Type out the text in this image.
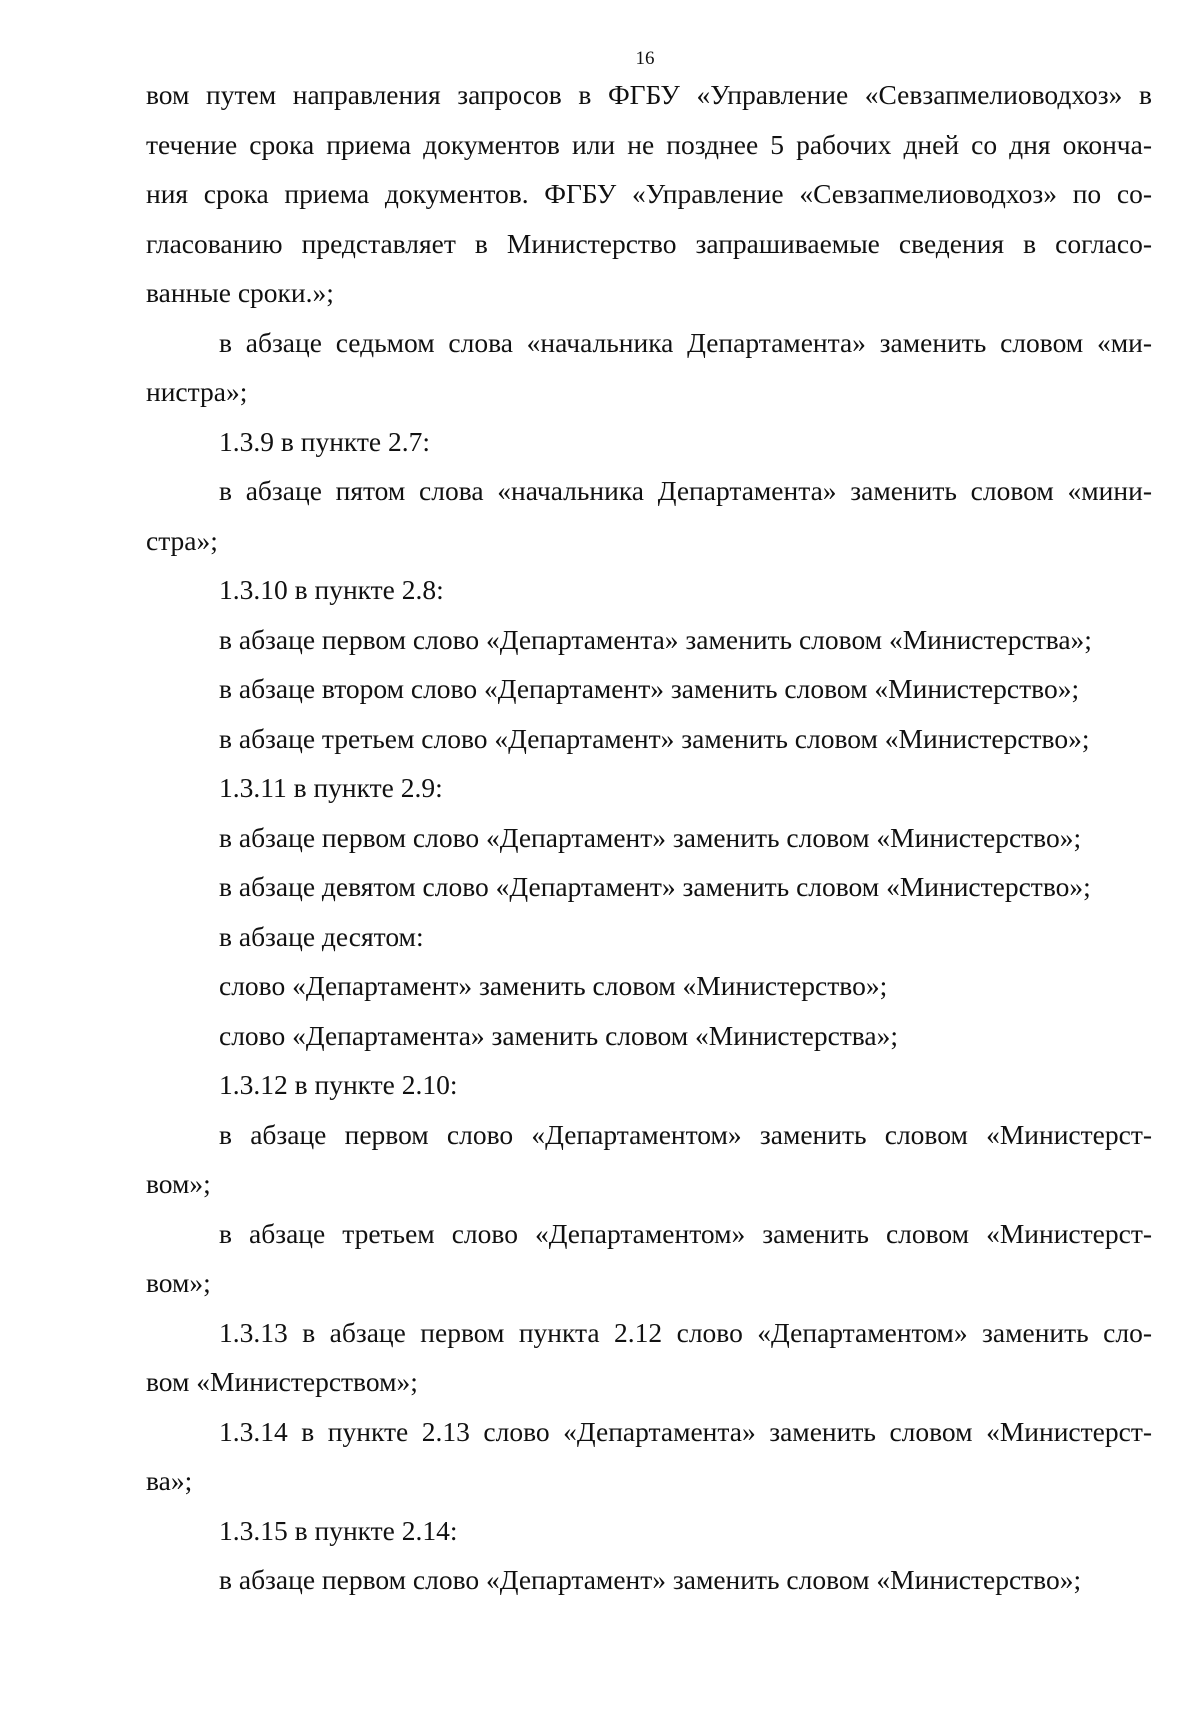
16
вом путем направления запросов в ФГБУ «Управление «Севзапмелиоводхоз» в
течение срока приема документов или не позднее 5 рабочих дней со дня оконча-
ния срока приема документов. ФГБУ «Управление «Севзапмелиоводхоз» по со-
гласованию представляет в Министерство запрашиваемые сведения в согласо-
ванные сроки.»;
в абзаце седьмом слова «начальника Департамента» заменить словом «ми-
нистра»;
1.3.9 в пункте 2.7:
в абзаце пятом слова «начальника Департамента» заменить словом «мини-
стра»;
1.3.10 в пункте 2.8:
в абзаце первом слово «Департамента» заменить словом «Министерства»;
в абзаце втором слово «Департамент» заменить словом «Министерство»;
в абзаце третьем слово «Департамент» заменить словом «Министерство»;
1.3.11 в пункте 2.9:
в абзаце первом слово «Департамент» заменить словом «Министерство»;
в абзаце девятом слово «Департамент» заменить словом «Министерство»;
в абзаце десятом:
слово «Департамент» заменить словом «Министерство»;
слово «Департамента» заменить словом «Министерства»;
1.3.12 в пункте 2.10:
в абзаце первом слово «Департаментом» заменить словом «Министерст-
вом»;
в абзаце третьем слово «Департаментом» заменить словом «Министерст-
вом»;
1.3.13 в абзаце первом пункта 2.12 слово «Департаментом» заменить сло-
вом «Министерством»;
1.3.14 в пункте 2.13 слово «Департамента» заменить словом «Министерст-
ва»;
1.3.15 в пункте 2.14:
в абзаце первом слово «Департамент» заменить словом «Министерство»;
